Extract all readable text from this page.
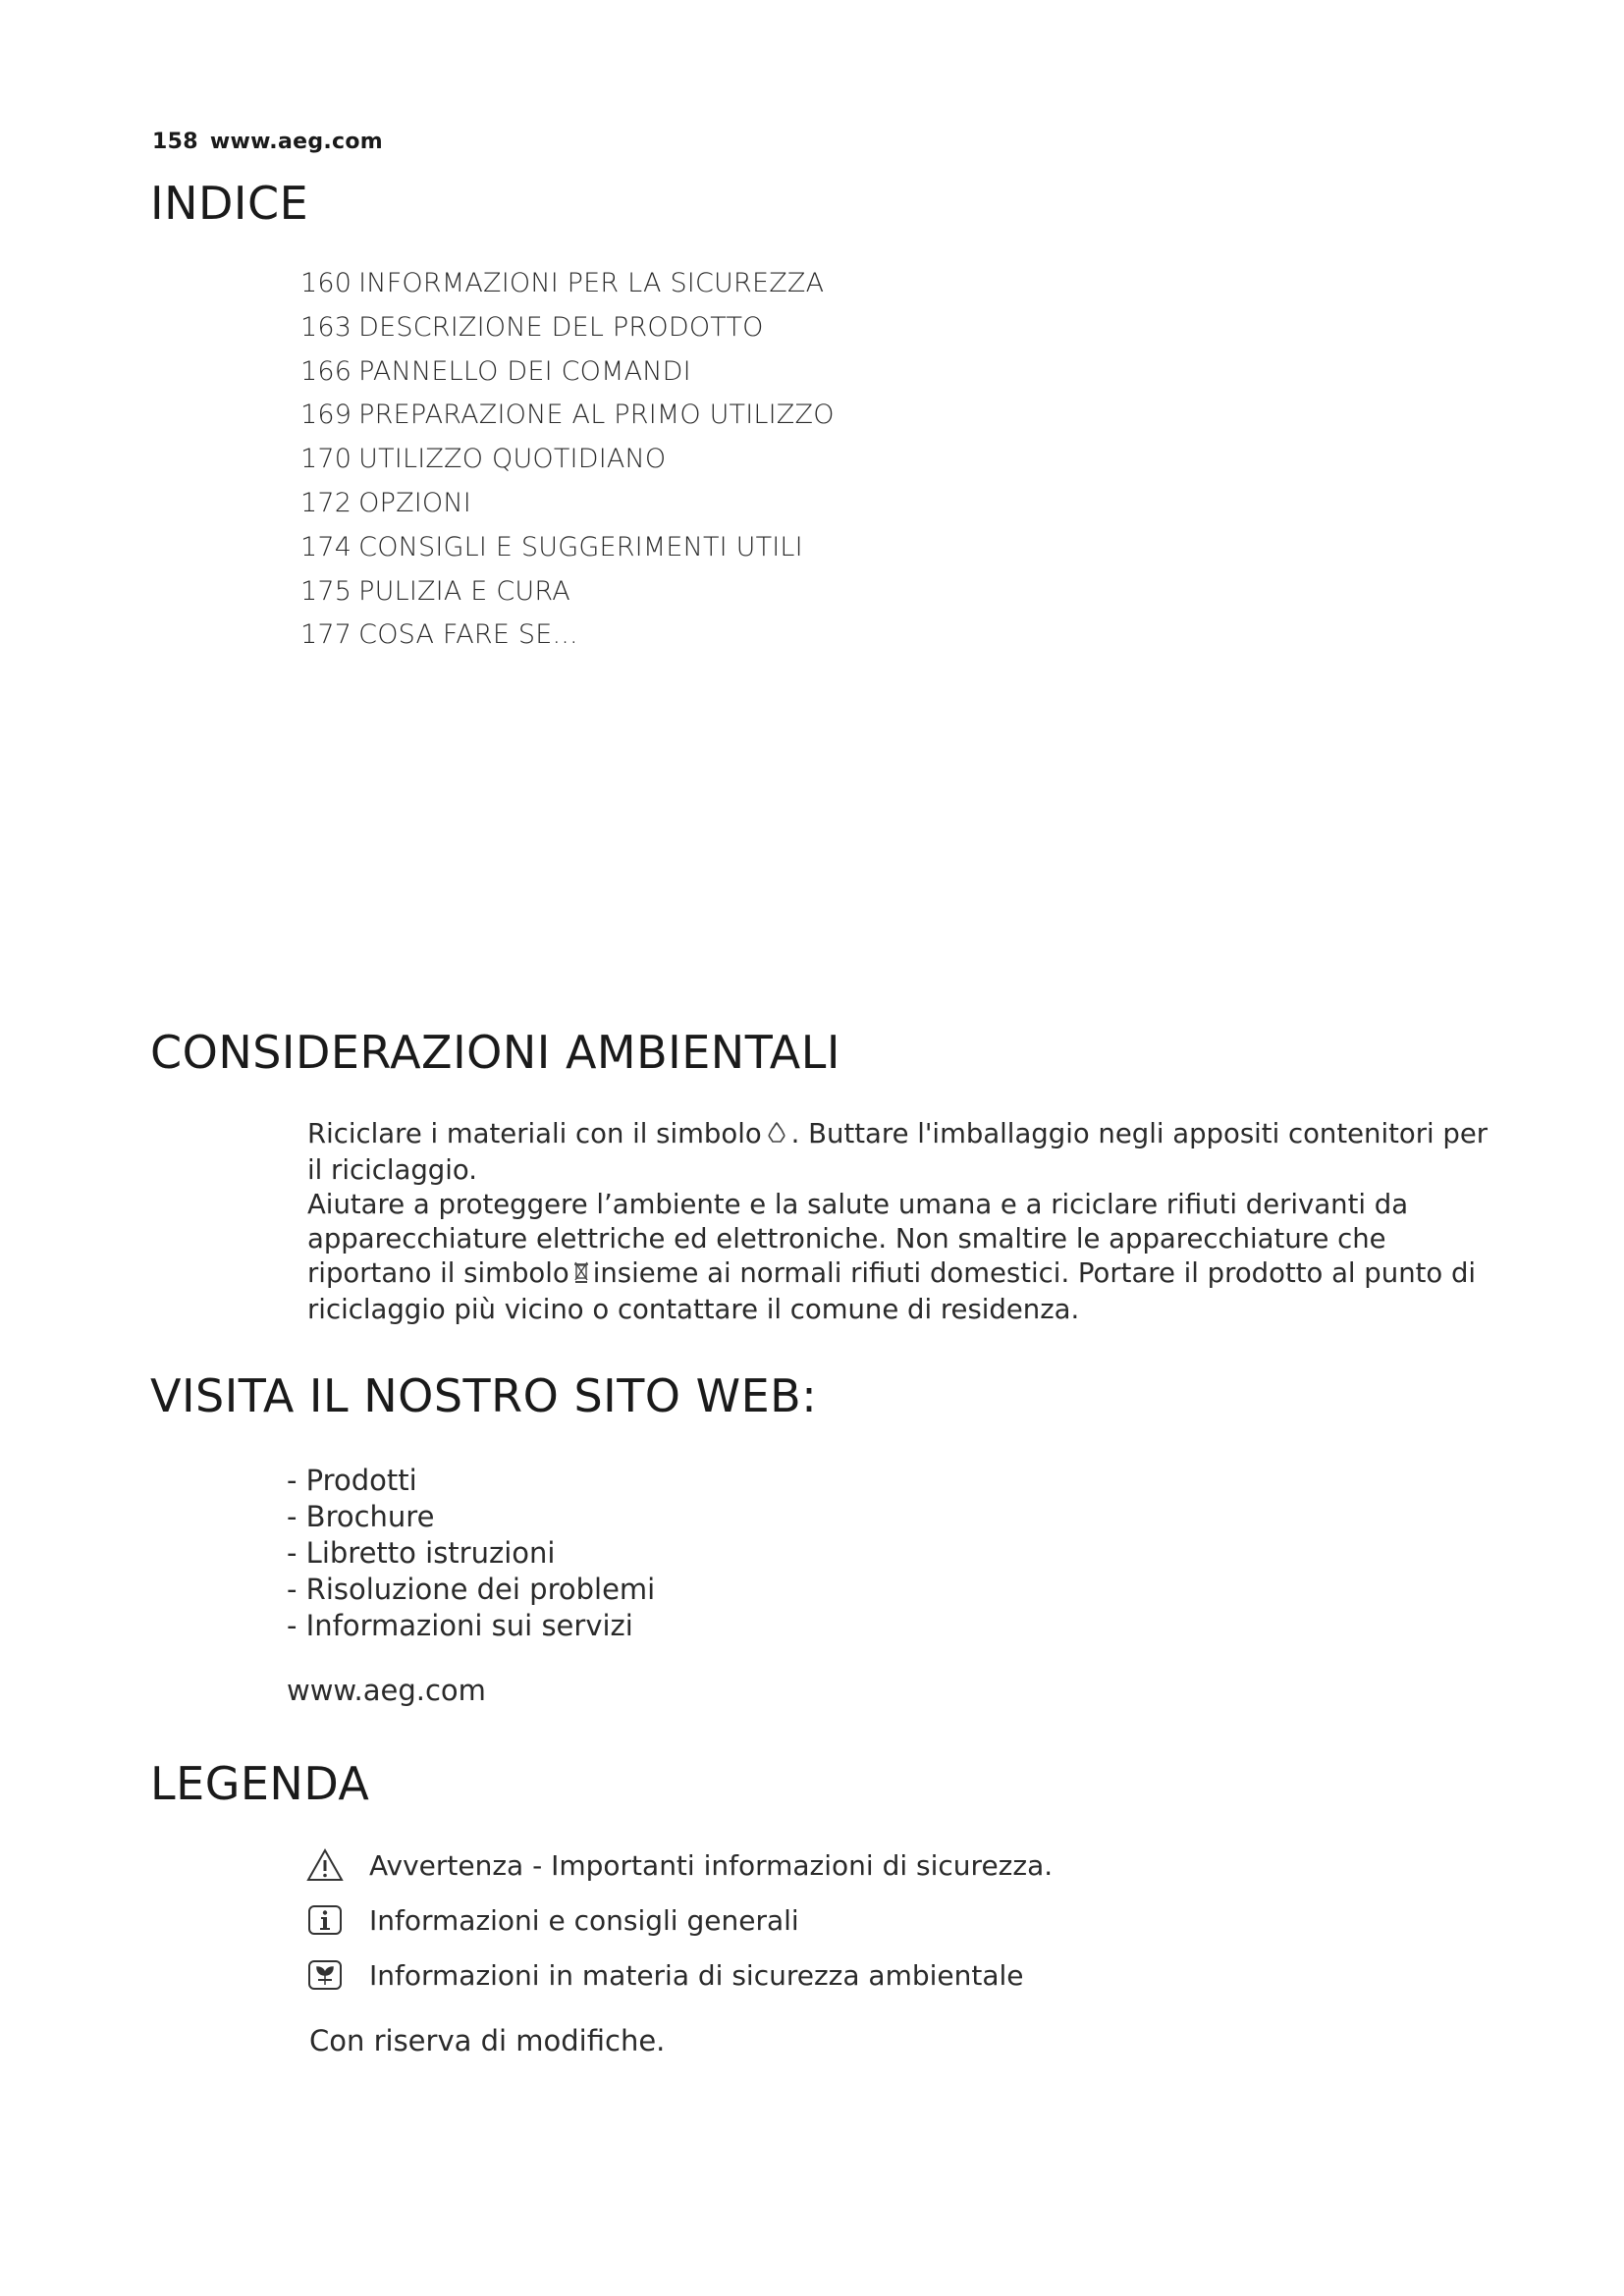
158 www.aeg.com
INDICE
160 INFORMAZIONI PER LA SICUREZZA
163 DESCRIZIONE DEL PRODOTTO
166 PANNELLO DEI COMANDI
169 PREPARAZIONE AL PRIMO UTILIZZO
170 UTILIZZO QUOTIDIANO
172 OPZIONI
174 CONSIGLI E SUGGERIMENTI UTILI
175 PULIZIA E CURA
177 COSA FARE SE...
CONSIDERAZIONI AMBIENTALI

Riciclare i materiali con il simbolo . Buttare l'imballaggio negli appositi contenitori per il riciclaggio.

Aiutare a proteggere l’ambiente e la salute umana e a riciclare rifiuti derivanti da apparecchiature elettriche ed elettroniche. Non smaltire le apparecchiature che riportano il simbolo insieme ai normali rifiuti domestici. Portare il prodotto al punto di riciclaggio più vicino o contattare il comune di residenza.

VISITA IL NOSTRO SITO WEB:
- Prodotti
- Brochure
- Libretto istruzioni
- Risoluzione dei problemi
- Informazioni sui servizi
www.aeg.com
LEGENDA
Avvertenza - Importanti informazioni di sicurezza.
Informazioni e consigli generali
Informazioni in materia di sicurezza ambientale
Con riserva di modifiche.
